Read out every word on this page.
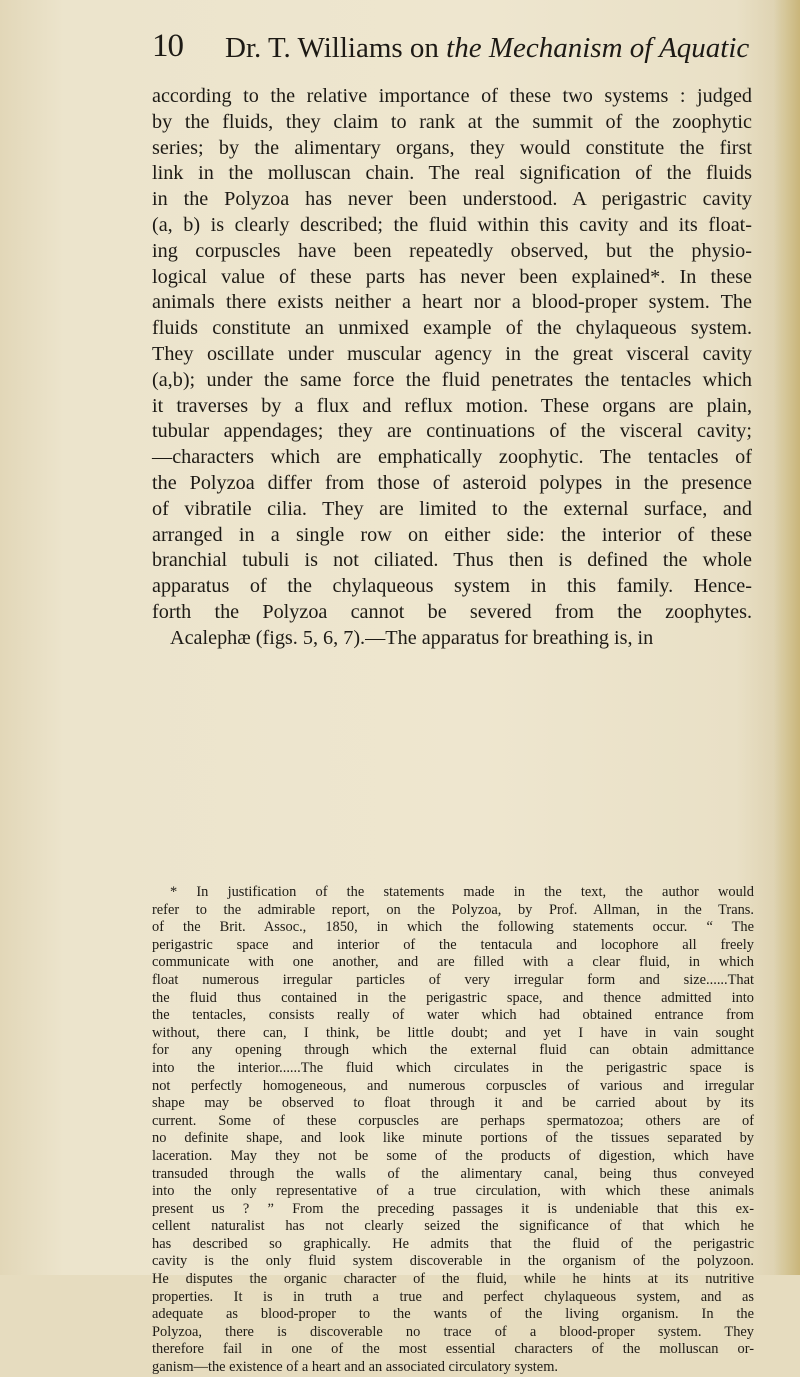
10 Dr. T. Williams on the Mechanism of Aquatic
according to the relative importance of these two systems : judged
by the fluids, they claim to rank at the summit of the zoophytic
series; by the alimentary organs, they would constitute the first
link in the molluscan chain. The real signification of the fluids
in the Polyzoa has never been understood. A perigastric cavity
(a, b) is clearly described; the fluid within this cavity and its float-
ing corpuscles have been repeatedly observed, but the physio-
logical value of these parts has never been explained*. In these
animals there exists neither a heart nor a blood-proper system. The
fluids constitute an unmixed example of the chylaqueous system.
They oscillate under muscular agency in the great visceral cavity
(a,b); under the same force the fluid penetrates the tentacles which
it traverses by a flux and reflux motion. These organs are plain,
tubular appendages; they are continuations of the visceral cavity;
—characters which are emphatically zoophytic. The tentacles of
the Polyzoa differ from those of asteroid polypes in the presence
of vibratile cilia. They are limited to the external surface, and
arranged in a single row on either side: the interior of these
branchial tubuli is not ciliated. Thus then is defined the whole
apparatus of the chylaqueous system in this family. Hence-
forth the Polyzoa cannot be severed from the zoophytes.
Acalephæ (figs. 5, 6, 7).—The apparatus for breathing is, in
* In justification of the statements made in the text, the author would
refer to the admirable report, on the Polyzoa, by Prof. Allman, in the Trans.
of the Brit. Assoc., 1850, in which the following statements occur. “ The
perigastric space and interior of the tentacula and locophore all freely
communicate with one another, and are filled with a clear fluid, in which
float numerous irregular particles of very irregular form and size......That
the fluid thus contained in the perigastric space, and thence admitted into
the tentacles, consists really of water which had obtained entrance from
without, there can, I think, be little doubt; and yet I have in vain sought
for any opening through which the external fluid can obtain admittance
into the interior......The fluid which circulates in the perigastric space is
not perfectly homogeneous, and numerous corpuscles of various and irregular
shape may be observed to float through it and be carried about by its
current. Some of these corpuscles are perhaps spermatozoa; others are of
no definite shape, and look like minute portions of the tissues separated by
laceration. May they not be some of the products of digestion, which have
transuded through the walls of the alimentary canal, being thus conveyed
into the only representative of a true circulation, with which these animals
present us ? ” From the preceding passages it is undeniable that this ex-
cellent naturalist has not clearly seized the significance of that which he
has described so graphically. He admits that the fluid of the perigastric
cavity is the only fluid system discoverable in the organism of the polyzoon.
He disputes the organic character of the fluid, while he hints at its nutritive
properties. It is in truth a true and perfect chylaqueous system, and as
adequate as blood-proper to the wants of the living organism. In the
Polyzoa, there is discoverable no trace of a blood-proper system. They
therefore fail in one of the most essential characters of the molluscan or-
ganism—the existence of a heart and an associated circulatory system.
